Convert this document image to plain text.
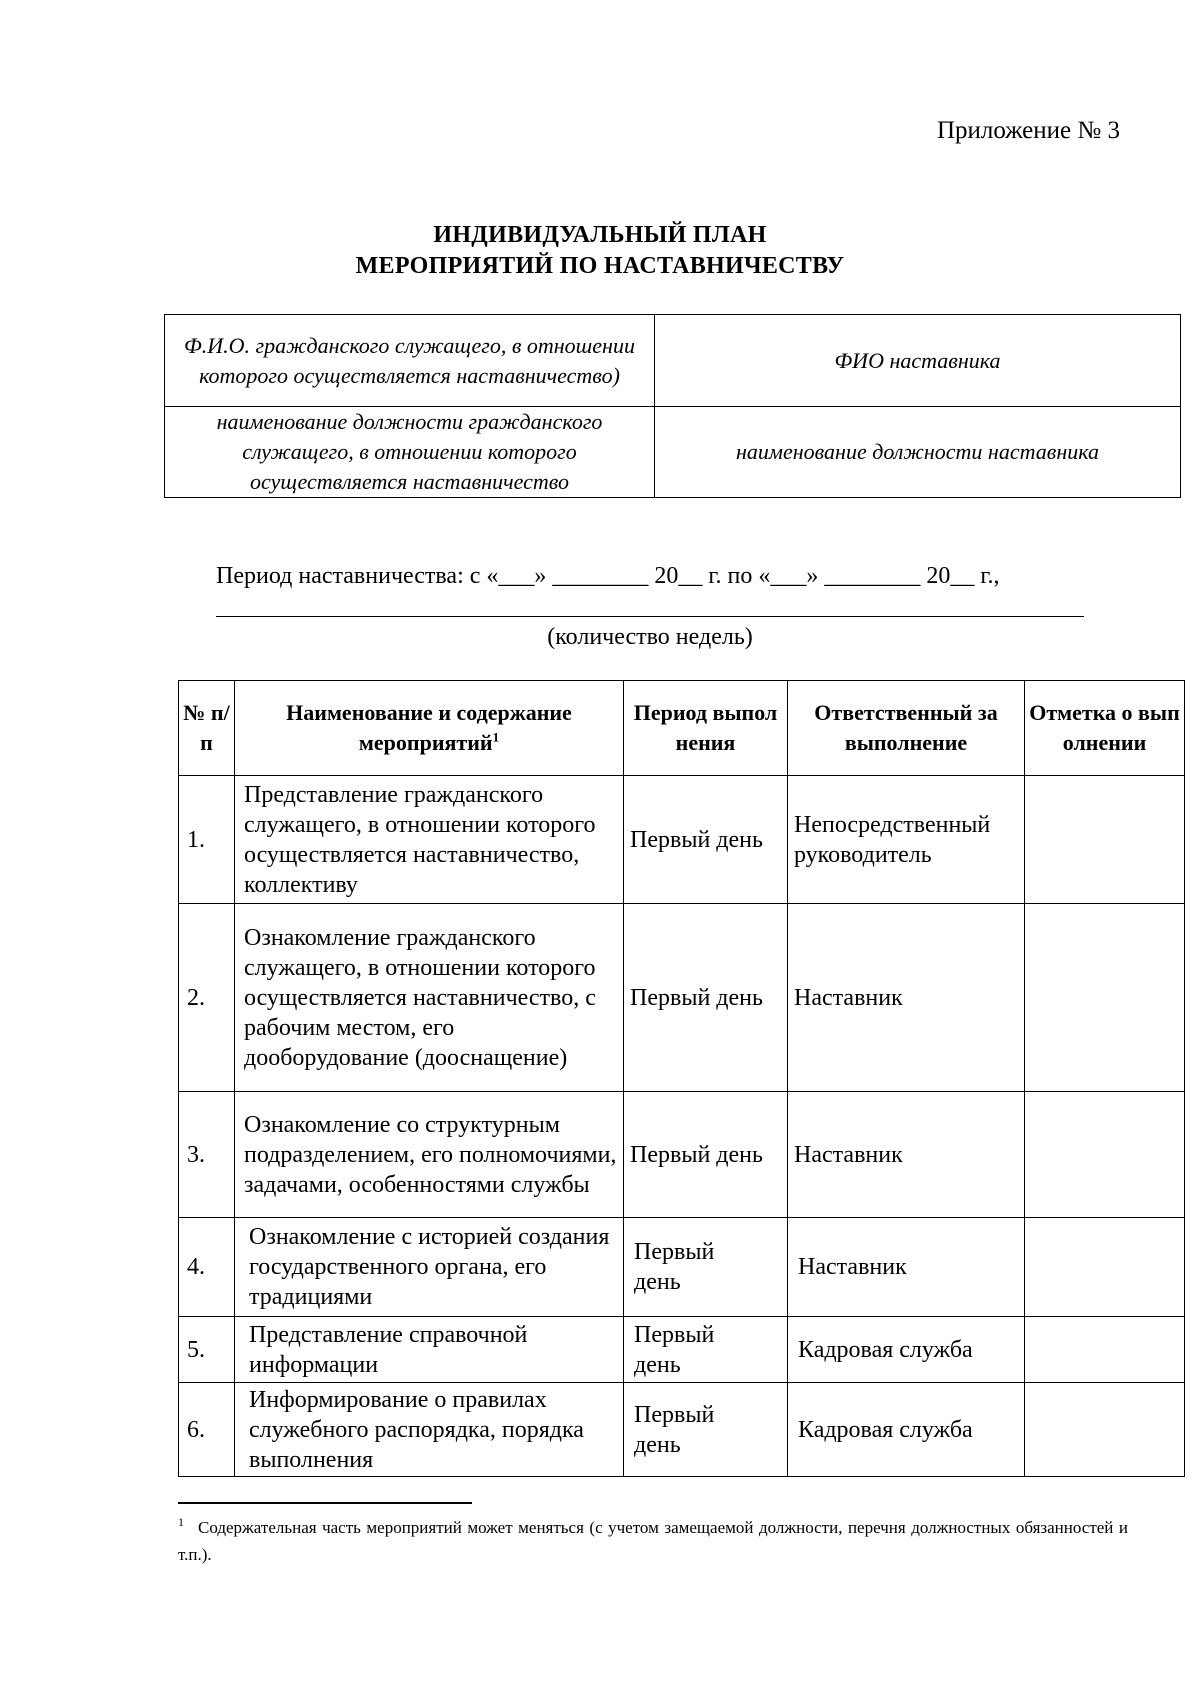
Приложение № 3
ИНДИВИДУАЛЬНЫЙ ПЛАН
МЕРОПРИЯТИЙ ПО НАСТАВНИЧЕСТВУ
Ф.И.О. гражданского служащего, в отношении которого осуществляется наставничество)	ФИО наставника
наименование должности гражданского служащего, в отношении которого осуществляется наставничество	наименование должности наставника
Период наставничества: с «___» ________ 20__ г. по «___» ________ 20__ г.,
(количество недель)
№ п/п	Наименование и содержание мероприятий$^1$	Период выполнения	Ответственный за выполнение	Отметка о выполнении
1.	Представление гражданского служащего, в отношении которого осуществляется наставничество, коллективу	Первый день	Непосредственный руководитель	
2.	Ознакомление гражданского служащего, в отношении которого осуществляется наставничество, с рабочим местом, его дооборудование (дооснащение)	Первый день	Наставник	
3.	Ознакомление со структурным подразделением, его полномочиями, задачами, особенностями службы	Первый день	Наставник	
4.	Ознакомление с историей создания государственного органа, его традициями	Первый день	Наставник	
5.	Представление справочной информации	Первый день	Кадровая служба	
6.	Информирование о правилах служебного распорядка, порядка выполнения	Первый день	Кадровая служба	
$^1$ Содержательная часть мероприятий может меняться (с учетом замещаемой должности, перечня должностных обязанностей и т.п.).
